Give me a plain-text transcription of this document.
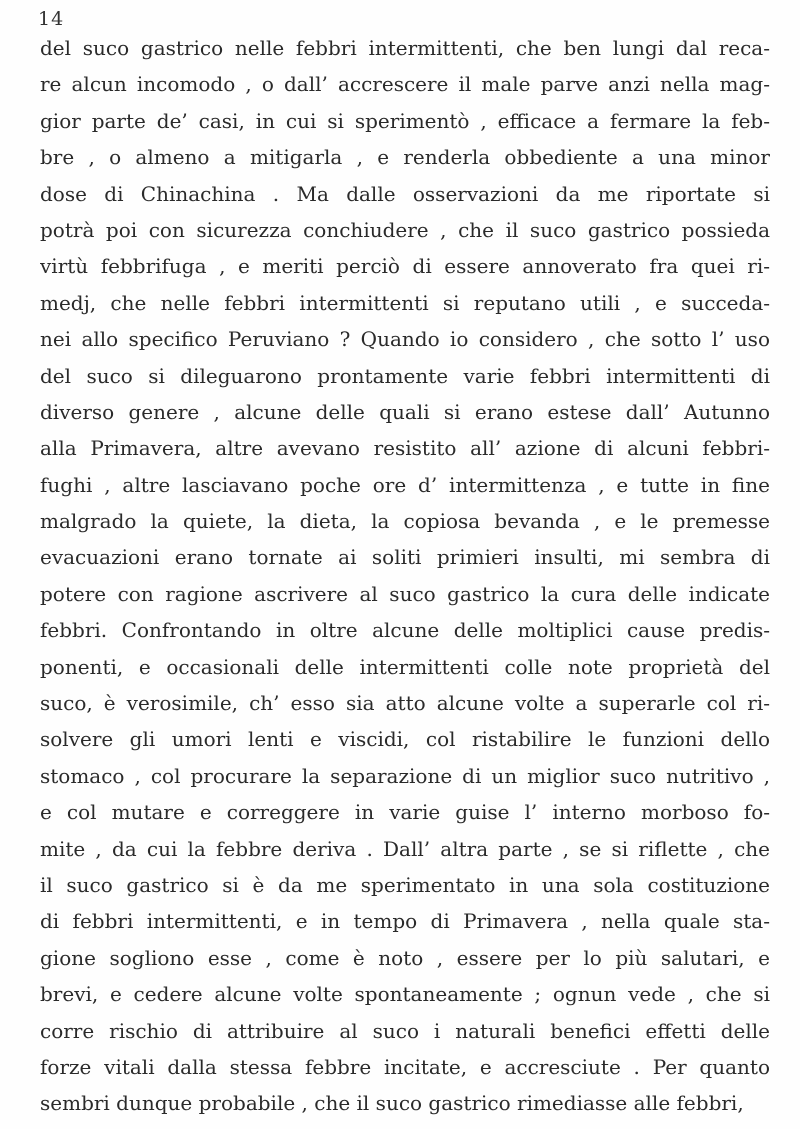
14
del suco gastrico nelle febbri intermittenti, che ben lungi dal reca-
re alcun incomodo , o dall’ accrescere il male parve anzi nella mag-
gior parte de’ casi, in cui si sperimentò , efficace a fermare la feb-
bre , o almeno a mitigarla , e renderla obbediente a una minor
dose di Chinachina . Ma dalle osservazioni da me riportate si
potrà poi con sicurezza conchiudere , che il suco gastrico possieda
virtù febbrifuga , e meriti perciò di essere annoverato fra quei ri-
medj, che nelle febbri intermittenti si reputano utili , e succeda-
nei allo specifico Peruviano ? Quando io considero , che sotto l’ uso
del suco si dileguarono prontamente varie febbri intermittenti di
diverso genere , alcune delle quali si erano estese dall’ Autunno
alla Primavera, altre avevano resistito all’ azione di alcuni febbri-
fughi , altre lasciavano poche ore d’ intermittenza , e tutte in fine
malgrado la quiete, la dieta, la copiosa bevanda , e le premesse
evacuazioni erano tornate ai soliti primieri insulti, mi sembra di
potere con ragione ascrivere al suco gastrico la cura delle indicate
febbri. Confrontando in oltre alcune delle moltiplici cause predis-
ponenti, e occasionali delle intermittenti colle note proprietà del
suco, è verosimile, ch’ esso sia atto alcune volte a superarle col ri-
solvere gli umori lenti e viscidi, col ristabilire le funzioni dello
stomaco , col procurare la separazione di un miglior suco nutritivo ,
e col mutare e correggere in varie guise l’ interno morboso fo-
mite , da cui la febbre deriva . Dall’ altra parte , se si riflette , che
il suco gastrico si è da me sperimentato in una sola costituzione
di febbri intermittenti, e in tempo di Primavera , nella quale sta-
gione sogliono esse , come è noto , essere per lo più salutari, e
brevi, e cedere alcune volte spontaneamente ; ognun vede , che si
corre rischio di attribuire al suco i naturali benefici effetti delle
forze vitali dalla stessa febbre incitate, e accresciute . Per quanto
sembri dunque probabile , che il suco gastrico rimediasse alle febbri,
